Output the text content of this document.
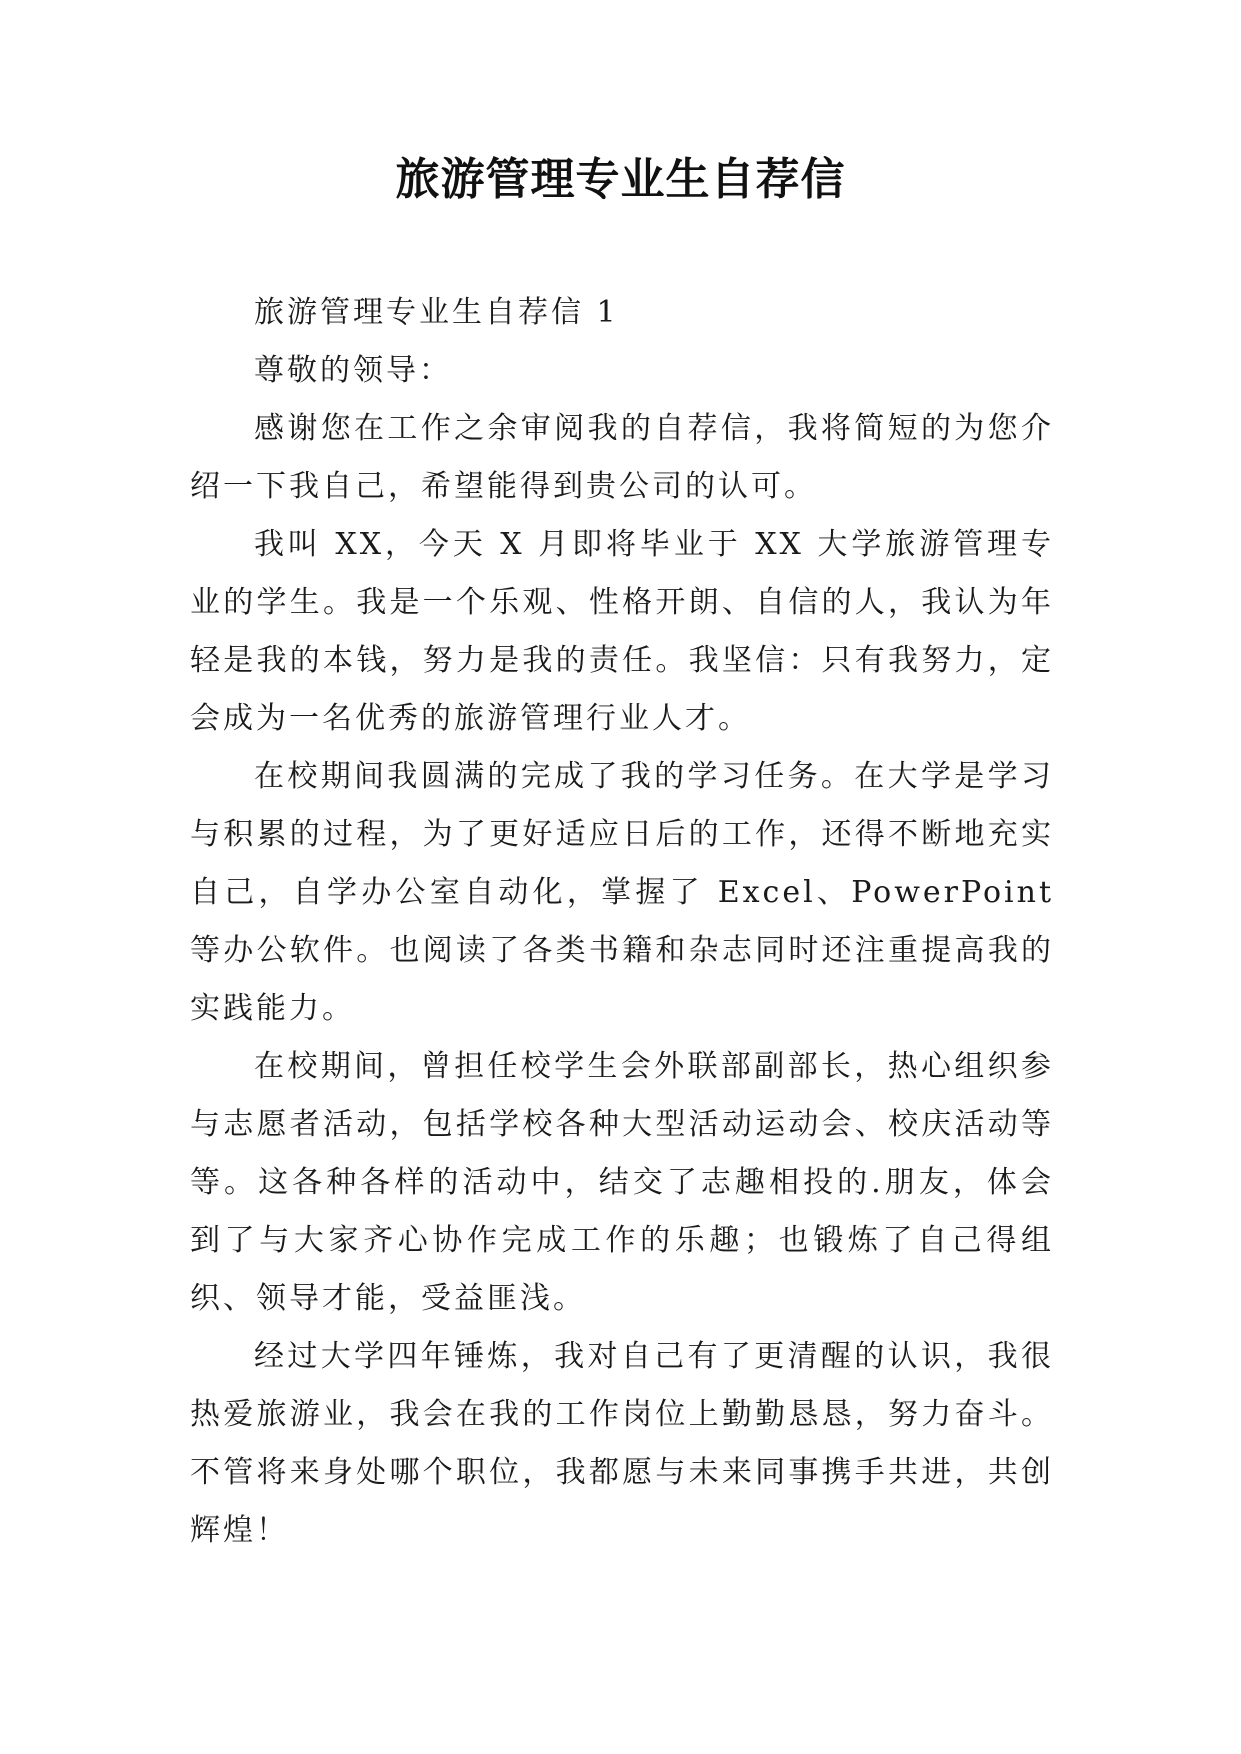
旅游管理专业生自荐信

旅游管理专业生自荐信 1

尊敬的领导：

感谢您在工作之余审阅我的自荐信，我将简短的为您介绍一下我自己，希望能得到贵公司的认可。

我叫 XX，今天 X 月即将毕业于 XX 大学旅游管理专业的学生。我是一个乐观、性格开朗、自信的人，我认为年轻是我的本钱，努力是我的责任。我坚信：只有我努力，定会成为一名优秀的旅游管理行业人才。

在校期间我圆满的完成了我的学习任务。在大学是学习与积累的过程，为了更好适应日后的工作，还得不断地充实自己，自学办公室自动化，掌握了 Excel、PowerPoint 等办公软件。也阅读了各类书籍和杂志同时还注重提高我的实践能力。

在校期间，曾担任校学生会外联部副部长，热心组织参与志愿者活动，包括学校各种大型活动运动会、校庆活动等等。这各种各样的活动中，结交了志趣相投的.朋友，体会到了与大家齐心协作完成工作的乐趣；也锻炼了自己得组织、领导才能，受益匪浅。

经过大学四年锤炼，我对自己有了更清醒的认识，我很热爱旅游业，我会在我的工作岗位上勤勤恳恳，努力奋斗。不管将来身处哪个职位，我都愿与未来同事携手共进，共创辉煌！
